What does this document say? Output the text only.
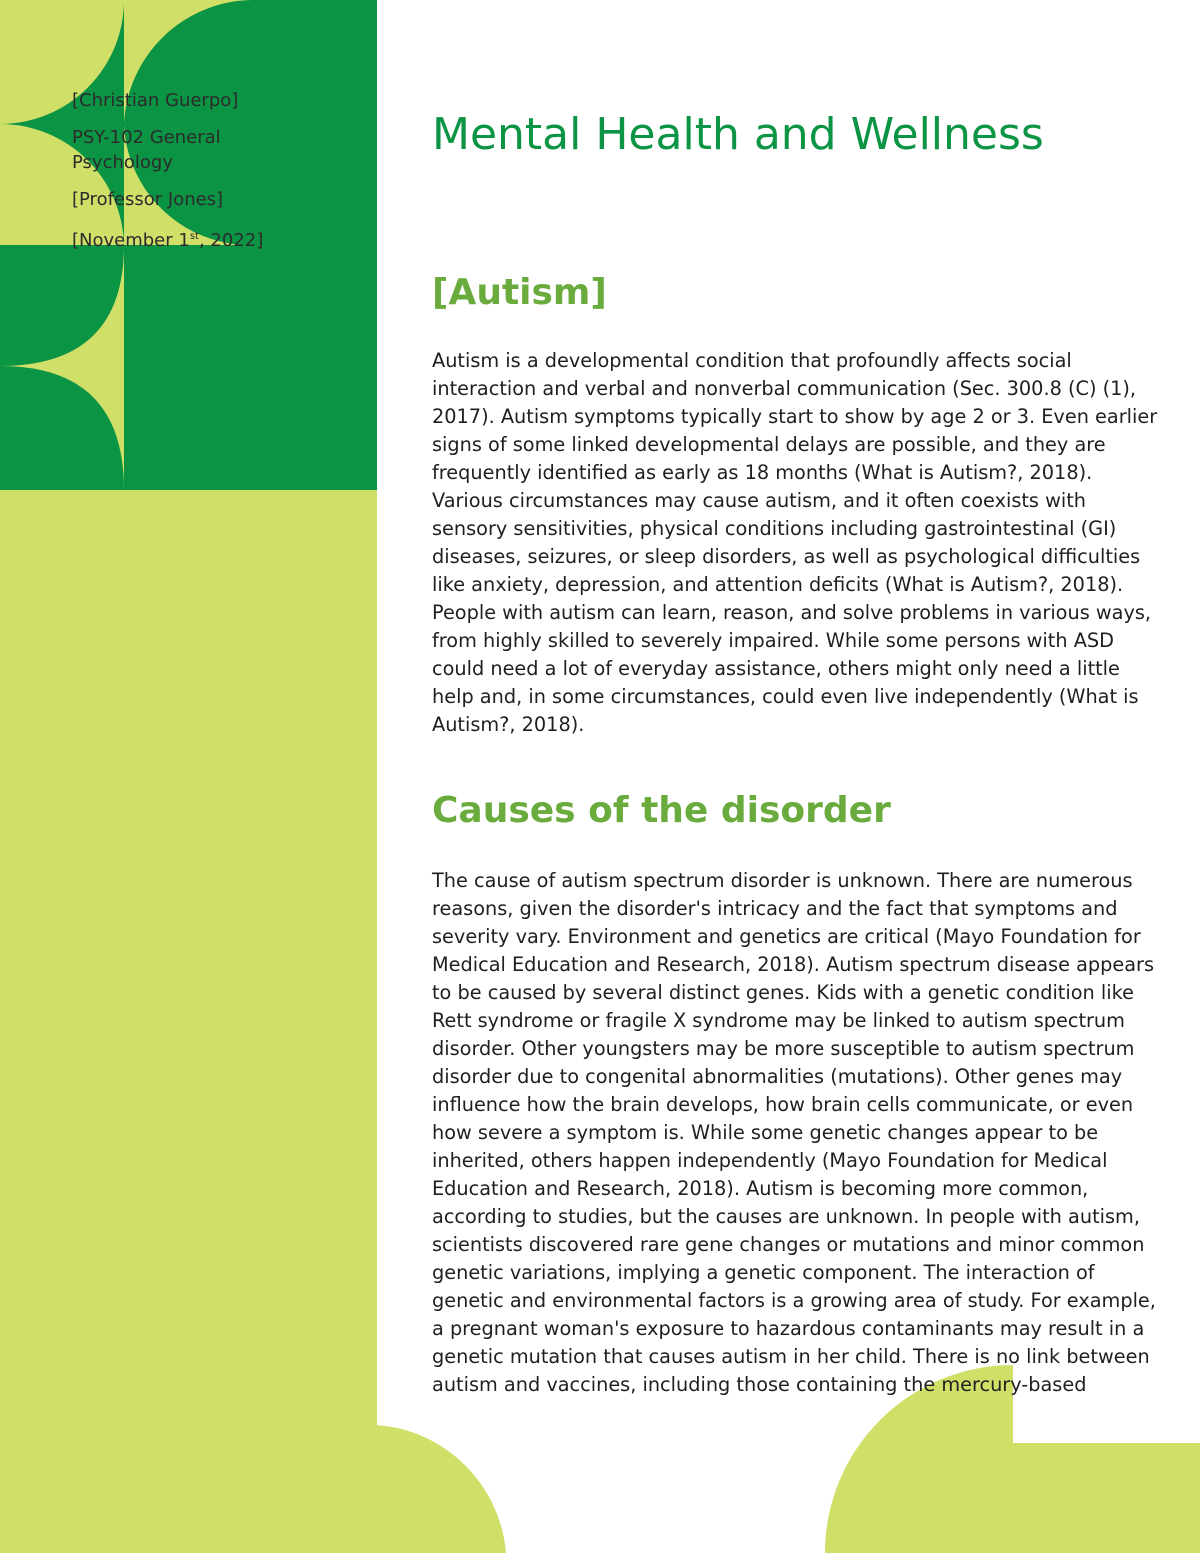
[Christian Guerpo]

PSY-102 General Psychology

[Professor Jones]

[November 1st, 2022]

Mental Health and Wellness
[Autism]

Autism is a developmental condition that profoundly affects social interaction and verbal and nonverbal communication (Sec. 300.8 (C) (1), 2017). Autism symptoms typically start to show by age 2 or 3. Even earlier signs of some linked developmental delays are possible, and they are frequently identified as early as 18 months (What is Autism?, 2018). Various circumstances may cause autism, and it often coexists with sensory sensitivities, physical conditions including gastrointestinal (GI) diseases, seizures, or sleep disorders, as well as psychological difficulties like anxiety, depression, and attention deficits (What is Autism?, 2018). People with autism can learn, reason, and solve problems in various ways, from highly skilled to severely impaired. While some persons with ASD could need a lot of everyday assistance, others might only need a little help and, in some circumstances, could even live independently (What is Autism?, 2018).

Causes of the disorder

The cause of autism spectrum disorder is unknown. There are numerous reasons, given the disorder's intricacy and the fact that symptoms and severity vary. Environment and genetics are critical (Mayo Foundation for Medical Education and Research, 2018). Autism spectrum disease appears to be caused by several distinct genes. Kids with a genetic condition like Rett syndrome or fragile X syndrome may be linked to autism spectrum disorder. Other youngsters may be more susceptible to autism spectrum disorder due to congenital abnormalities (mutations). Other genes may influence how the brain develops, how brain cells communicate, or even how severe a symptom is. While some genetic changes appear to be inherited, others happen independently (Mayo Foundation for Medical Education and Research, 2018). Autism is becoming more common, according to studies, but the causes are unknown. In people with autism, scientists discovered rare gene changes or mutations and minor common genetic variations, implying a genetic component. The interaction of genetic and environmental factors is a growing area of study. For example, a pregnant woman's exposure to hazardous contaminants may result in a genetic mutation that causes autism in her child. There is no link between autism and vaccines, including those containing the mercury-based
